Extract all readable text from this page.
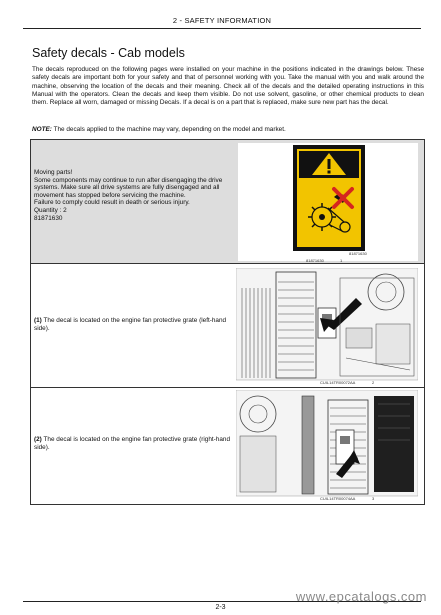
2 - SAFETY INFORMATION
Safety decals - Cab models
The decals reproduced on the following pages were installed on your machine in the positions indicated in the drawings below. These safety decals are important both for your safety and that of personnel working with you. Take the manual with you and walk around the machine, observing the location of the decals and their meaning. Check all of the decals and the detailed operating instructions in this Manual with the operators. Clean the decals and keep them visible. Do not use solvent, gasoline, or other chemical products to clean them. Replace all worn, damaged or missing Decals. If a decal is on a part that is replaced, make sure new part has the decal.
NOTE: The decals applied to the machine may vary, depending on the model and market.
Moving parts!
Some components may continue to run after disengaging the drive systems. Make sure all drive systems are fully disengaged and all movement has stopped before servicing the machine.
Failure to comply could result in death or serious injury.
Quantity : 2
81871630
81871630
81871630	1
(1) The decal is located on the engine fan protective grate (left-hand side).
CUIL14TR00072AA	2
(2) The decal is located on the engine fan protective grate (right-hand side).
CUIL14TR00074AA	3
2-3
www.epcatalogs.com
